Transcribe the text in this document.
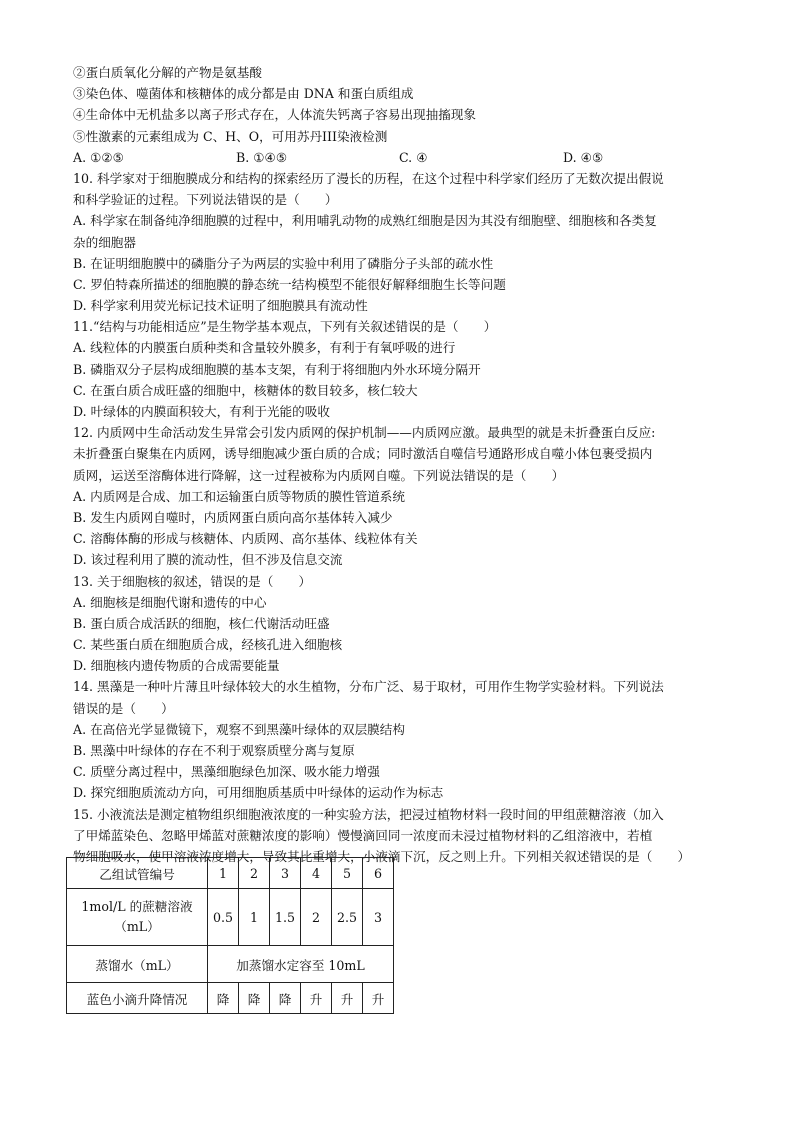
②蛋白质氧化分解的产物是氨基酸
③染色体、噬菌体和核糖体的成分都是由 DNA 和蛋白质组成
④生命体中无机盐多以离子形式存在，人体流失钙离子容易出现抽搐现象
⑤性激素的元素组成为 C、H、O，可用苏丹III染液检测
A. ①②⑤	B. ①④⑤	C. ④	D. ④⑤
10. 科学家对于细胞膜成分和结构的探索经历了漫长的历程，在这个过程中科学家们经历了无数次提出假说
和科学验证的过程。下列说法错误的是（　　）
A. 科学家在制备纯净细胞膜的过程中，利用哺乳动物的成熟红细胞是因为其没有细胞壁、细胞核和各类复
杂的细胞器
B. 在证明细胞膜中的磷脂分子为两层的实验中利用了磷脂分子头部的疏水性
C. 罗伯特森所描述的细胞膜的静态统一结构模型不能很好解释细胞生长等问题
D. 科学家利用荧光标记技术证明了细胞膜具有流动性
11.“结构与功能相适应”是生物学基本观点，下列有关叙述错误的是（　　）
A. 线粒体的内膜蛋白质种类和含量较外膜多，有利于有氧呼吸的进行
B. 磷脂双分子层构成细胞膜的基本支架，有利于将细胞内外水环境分隔开
C. 在蛋白质合成旺盛的细胞中，核糖体的数目较多，核仁较大
D. 叶绿体的内膜面积较大，有利于光能的吸收
12. 内质网中生命活动发生异常会引发内质网的保护机制——内质网应激。最典型的就是未折叠蛋白反应:
未折叠蛋白聚集在内质网，诱导细胞减少蛋白质的合成；同时激活自噬信号通路形成自噬小体包裹受损内
质网，运送至溶酶体进行降解，这一过程被称为内质网自噬。下列说法错误的是（　　）
A. 内质网是合成、加工和运输蛋白质等物质的膜性管道系统
B. 发生内质网自噬时，内质网蛋白质向高尔基体转入减少
C. 溶酶体酶的形成与核糖体、内质网、高尔基体、线粒体有关
D. 该过程利用了膜的流动性，但不涉及信息交流
13. 关于细胞核的叙述，错误的是（　　）
A. 细胞核是细胞代谢和遗传的中心
B. 蛋白质合成活跃的细胞，核仁代谢活动旺盛
C. 某些蛋白质在细胞质合成，经核孔进入细胞核
D. 细胞核内遗传物质的合成需要能量
14. 黑藻是一种叶片薄且叶绿体较大的水生植物，分布广泛、易于取材，可用作生物学实验材料。下列说法
错误的是（　　）
A. 在高倍光学显微镜下，观察不到黑藻叶绿体的双层膜结构
B. 黑藻中叶绿体的存在不利于观察质壁分离与复原
C. 质壁分离过程中，黑藻细胞绿色加深、吸水能力增强
D. 探究细胞质流动方向，可用细胞质基质中叶绿体的运动作为标志
15. 小液流法是测定植物组织细胞液浓度的一种实验方法，把浸过植物材料一段时间的甲组蔗糖溶液（加入
了甲烯蓝染色、忽略甲烯蓝对蔗糖浓度的影响）慢慢滴回同一浓度而未浸过植物材料的乙组溶液中，若植
物细胞吸水，使甲溶液浓度增大，导致其比重增大，小液滴下沉，反之则上升。下列相关叙述错误的是（　　）
乙组试管编号	1	2	3	4	5	6

1mol/L 的蔗糖溶液
（mL）	0.5	1	1.5	2	2.5	3
蒸馏水（mL）	加蒸馏水定容至 10mL					
蓝色小滴升降情况	降	降	降	升	升	升
